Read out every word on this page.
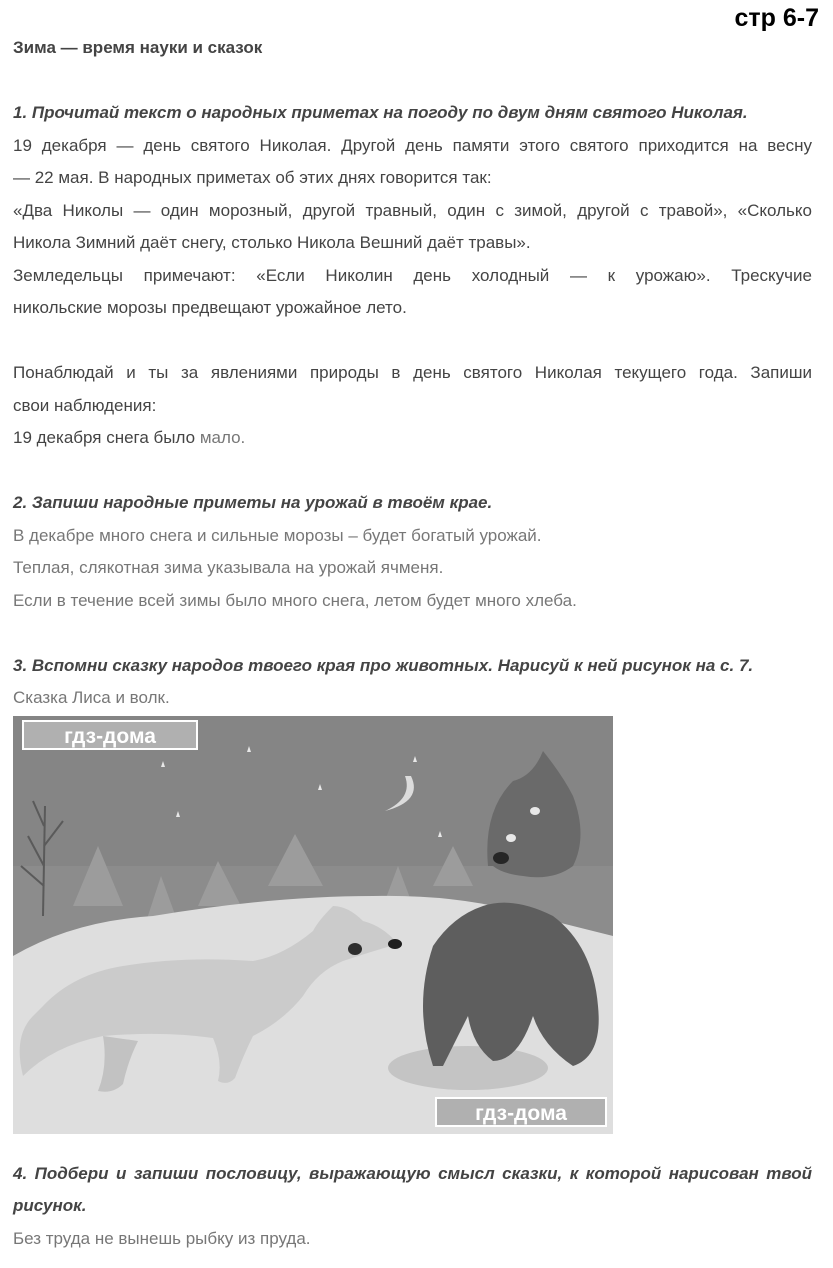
стр 6-7

Зима — время науки и сказок

1. Прочитай текст о народных приметах на погоду по двум дням святого Николая.

19 декабря — день святого Николая. Другой день памяти этого святого приходится на весну

— 22 мая. В народных приметах об этих днях говорится так:

«Два Николы — один морозный, другой травный, один с зимой, другой с травой», «Сколько

Никола Зимний даёт снегу, столько Никола Вешний даёт травы».

Земледельцы примечают: «Если Николин день холодный — к урожаю». Трескучие

никольские морозы предвещают урожайное лето.

Понаблюдай и ты за явлениями природы в день святого Николая текущего года. Запиши

свои наблюдения:

19 декабря снега было мало.

2. Запиши народные приметы на урожай в твоём крае.

В декабре много снега и сильные морозы – будет богатый урожай.

Теплая, слякотная зима указывала на урожай ячменя.

Если в течение всей зимы было много снега, летом будет много хлеба.

3. Вспомни сказку народов твоего края про животных. Нарисуй к ней рисунок на с. 7.

Сказка Лиса и волк.

гдз-дома
гдз-дома

4. Подбери и запиши пословицу, выражающую смысл сказки, к которой нарисован твой

рисунок.

Без труда не вынешь рыбку из пруда.
